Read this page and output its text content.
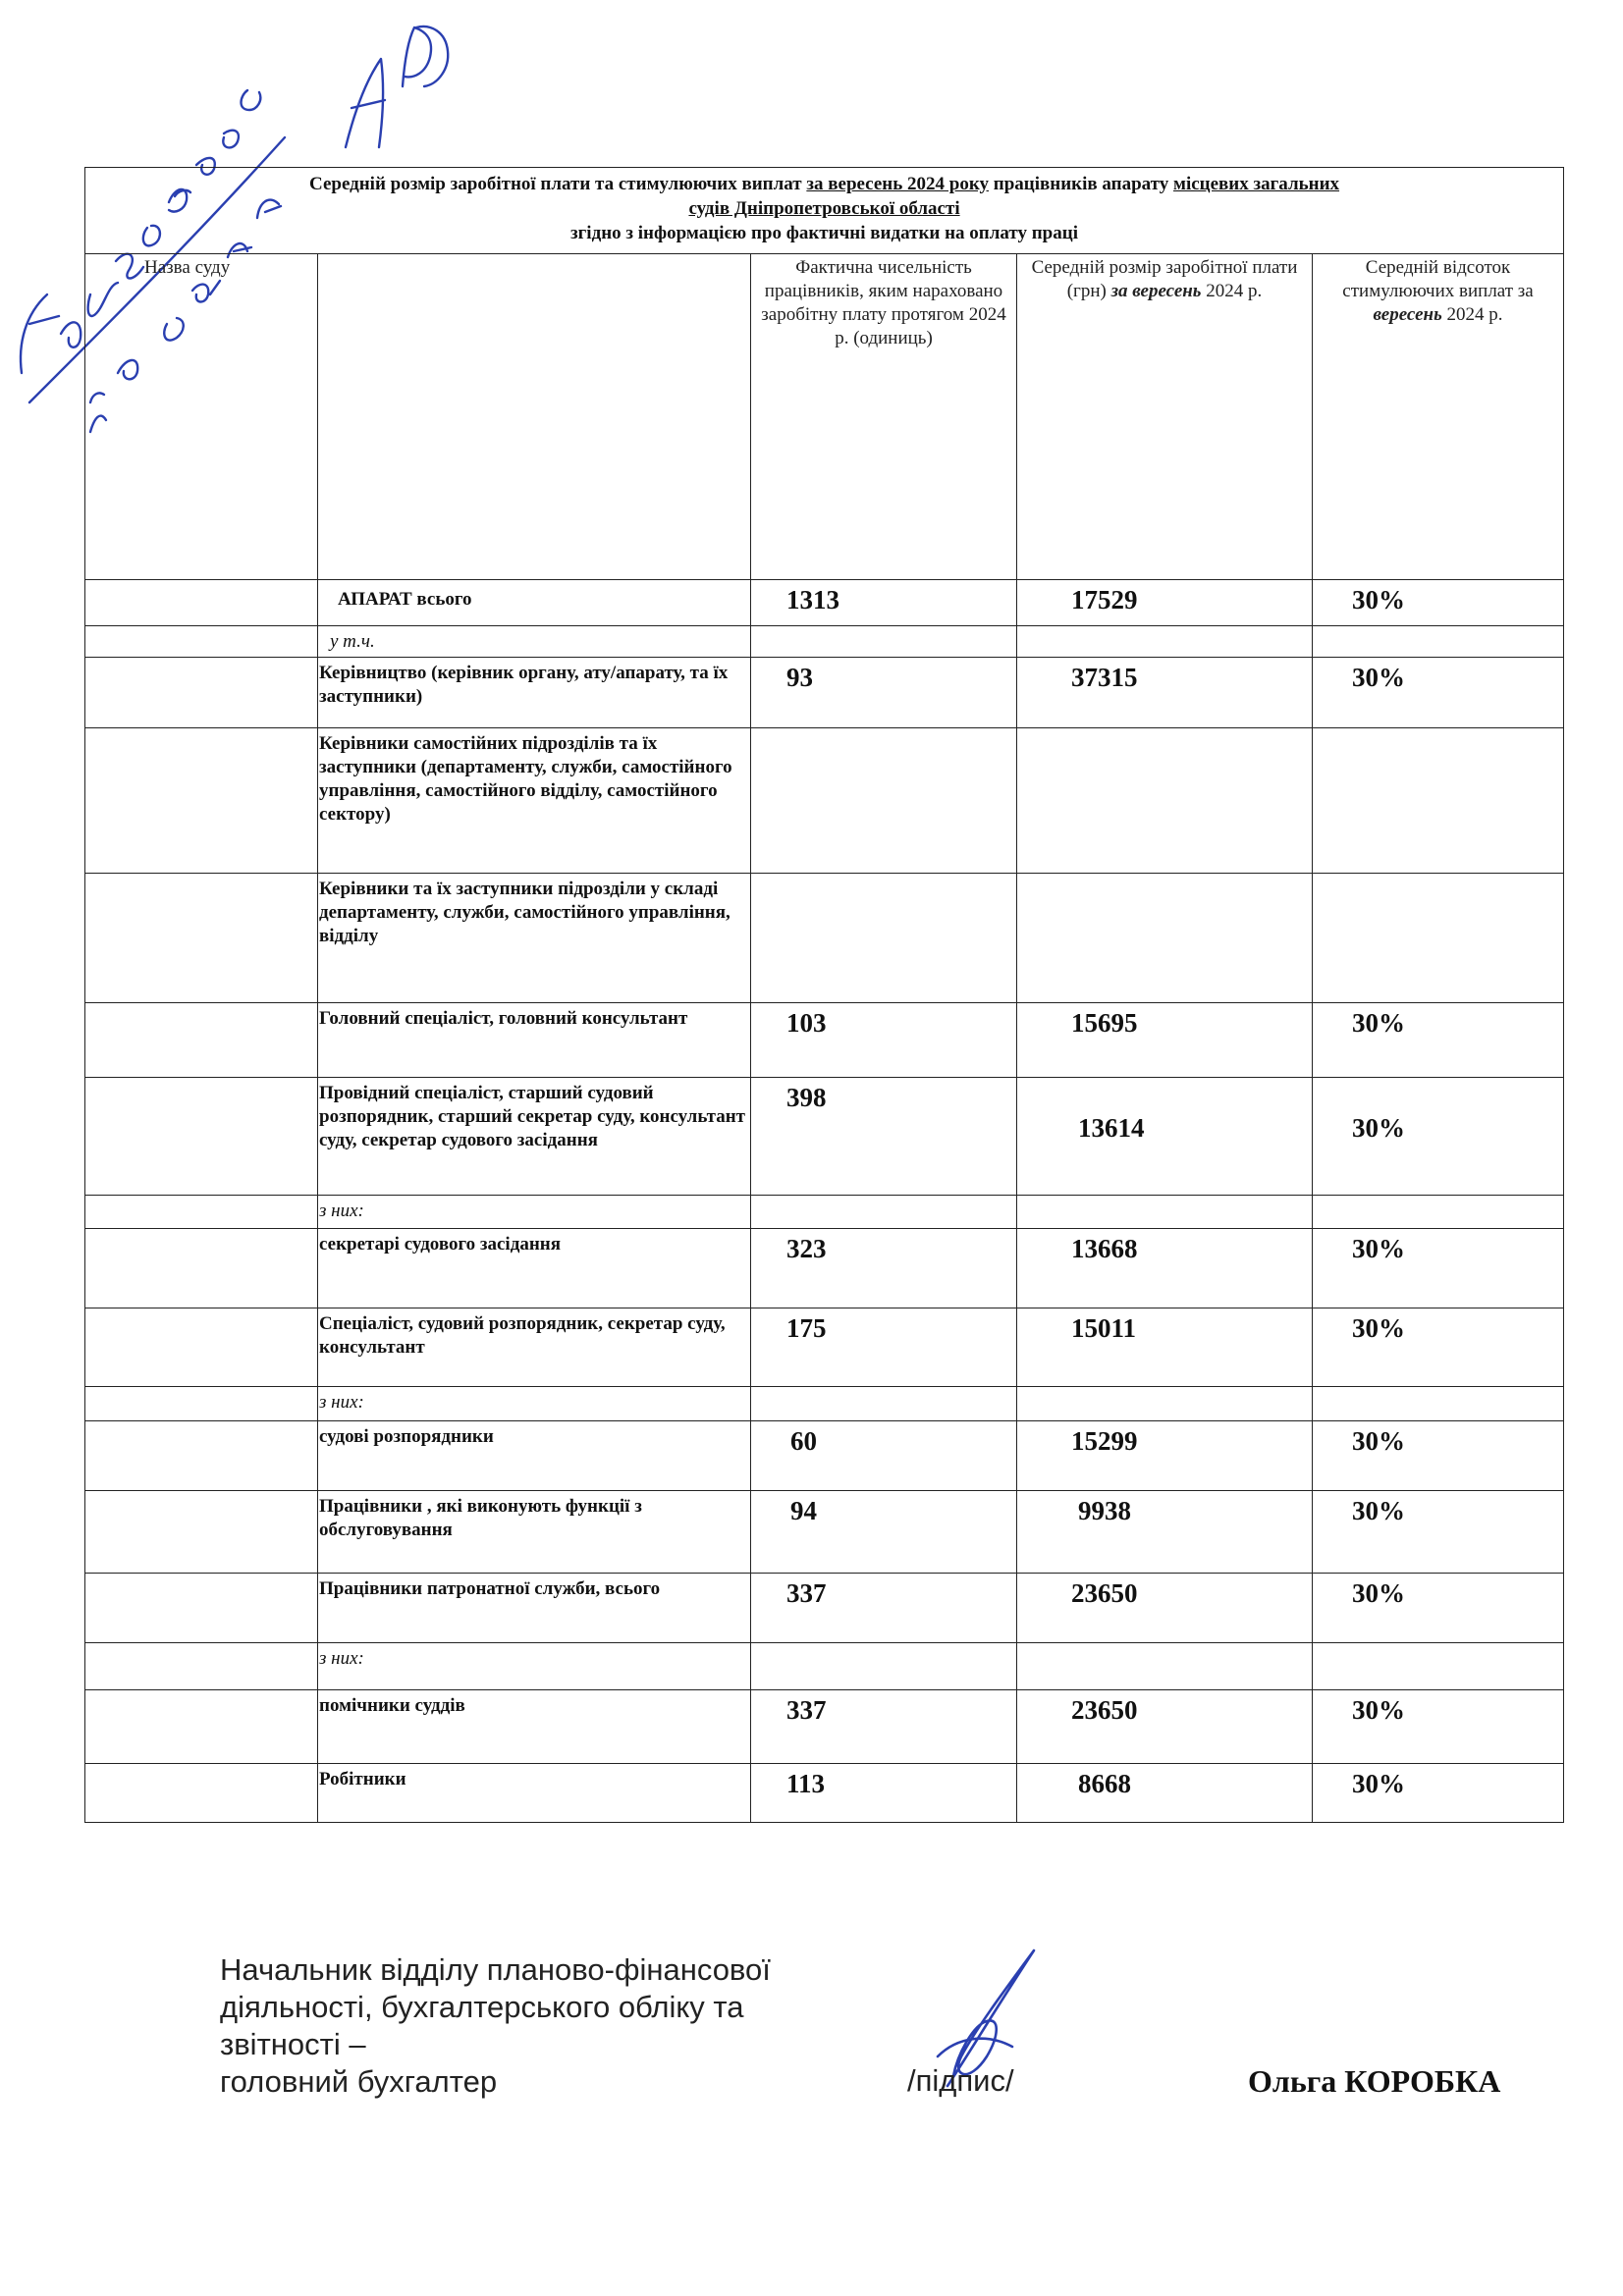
Середній розмір заробітної плати та стимулюючих виплат за вересень 2024 року працівників апарату місцевих загальних
судів Дніпропетровської області
згідно з інформацією про фактичні видатки на оплату праці				
Назва суду		Фактична чисельність працівників, яким нараховано заробітну плату протягом 2024 р. (одиниць)	Середній розмір заробітної плати (грн) за вересень 2024 р.	Середній відсоток стимулюючих виплат за вересень 2024 р.
	АПАРАТ всього	1313	17529	30%
	у т.ч.			
	Керівництво (керівник органу, ату/апарату, та їх заступники)	93	37315	30%
	Керівники самостійних підрозділів та їх заступники (департаменту, служби, самостійного управління, самостійного відділу, самостійного сектору)			
	Керівники та їх заступники підрозділи у складі департаменту, служби, самостійного управління, відділу			
	Головний спеціаліст, головний консультант	103	15695	30%
	Провідний спеціаліст, старший судовий розпорядник, старший секретар суду, консультант суду, секретар судового засідання	398	13614	30%
	з них:			
	секретарі судового засідання	323	13668	30%
	Спеціаліст, судовий розпорядник, секретар суду, консультант	175	15011	30%
	з них:			
	судові розпорядники	60	15299	30%
	Працівники , які виконують функції з обслуговування	94	9938	30%
	Працівники патронатної служби, всього	337	23650	30%
	з них:			
	помічники суддів	337	23650	30%
	Робітники	113	8668	30%
Начальник відділу планово-фінансової
діяльності, бухгалтерського обліку та
звітності –
головний бухгалтер	/підпис/	Ольга КОРОБКА
